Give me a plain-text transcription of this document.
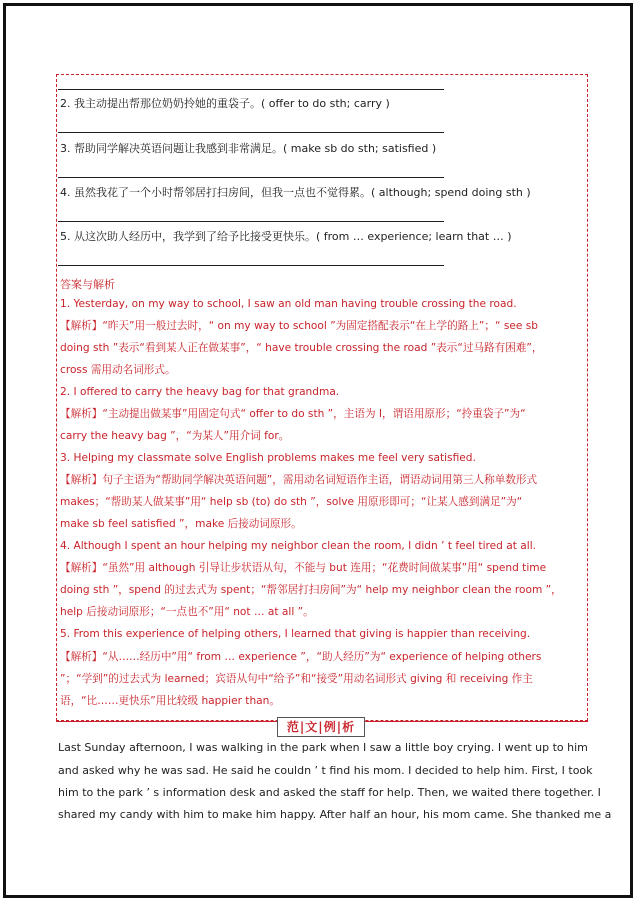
2. 我主动提出帮那位奶奶拎她的重袋子。( offer to do sth; carry )
3. 帮助同学解决英语问题让我感到非常满足。( make sb do sth; satisfied )
4. 虽然我花了一个小时帮邻居打扫房间，但我一点也不觉得累。( although; spend doing sth )
5. 从这次助人经历中，我学到了给予比接受更快乐。( from … experience; learn that … )
答案与解析
1. Yesterday, on my way to school, I saw an old man having trouble crossing the road.
【解析】“昨天”用一般过去时，“ on my way to school ”为固定搭配表示“在上学的路上”；“ see sb
doing sth ”表示“看到某人正在做某事”，“ have trouble crossing the road ”表示“过马路有困难”，
cross 需用动名词形式。
2. I offered to carry the heavy bag for that grandma.
【解析】“主动提出做某事”用固定句式“ offer to do sth ”，主语为 I，谓语用原形；“拎重袋子”为“
carry the heavy bag ”，“为某人”用介词 for。
3. Helping my classmate solve English problems makes me feel very satisfied.
【解析】句子主语为“帮助同学解决英语问题”，需用动名词短语作主语，谓语动词用第三人称单数形式
makes；“帮助某人做某事”用“ help sb (to) do sth ”，solve 用原形即可；“让某人感到满足”为“
make sb feel satisfied ”，make 后接动词原形。
4. Although I spent an hour helping my neighbor clean the room, I didn ’ t feel tired at all.
【解析】“虽然”用 although 引导让步状语从句，不能与 but 连用；“花费时间做某事”用“ spend time
doing sth ”，spend 的过去式为 spent；“帮邻居打扫房间”为“ help my neighbor clean the room ”，
help 后接动词原形；“一点也不”用“ not … at all ”。
5. From this experience of helping others, I learned that giving is happier than receiving.
【解析】“从……经历中”用“ from … experience ”，“助人经历”为“ experience of helping others
”；“学到”的过去式为 learned；宾语从句中“给予”和“接受”用动名词形式 giving 和 receiving 作主
语，“比……更快乐”用比较级 happier than。
范|文|例|析
Last Sunday afternoon, I was walking in the park when I saw a little boy crying. I went up to him
and asked why he was sad. He said he couldn ’ t find his mom. I decided to help him. First, I took
him to the park ’ s information desk and asked the staff for help. Then, we waited there together. I
shared my candy with him to make him happy. After half an hour, his mom came. She thanked me a
